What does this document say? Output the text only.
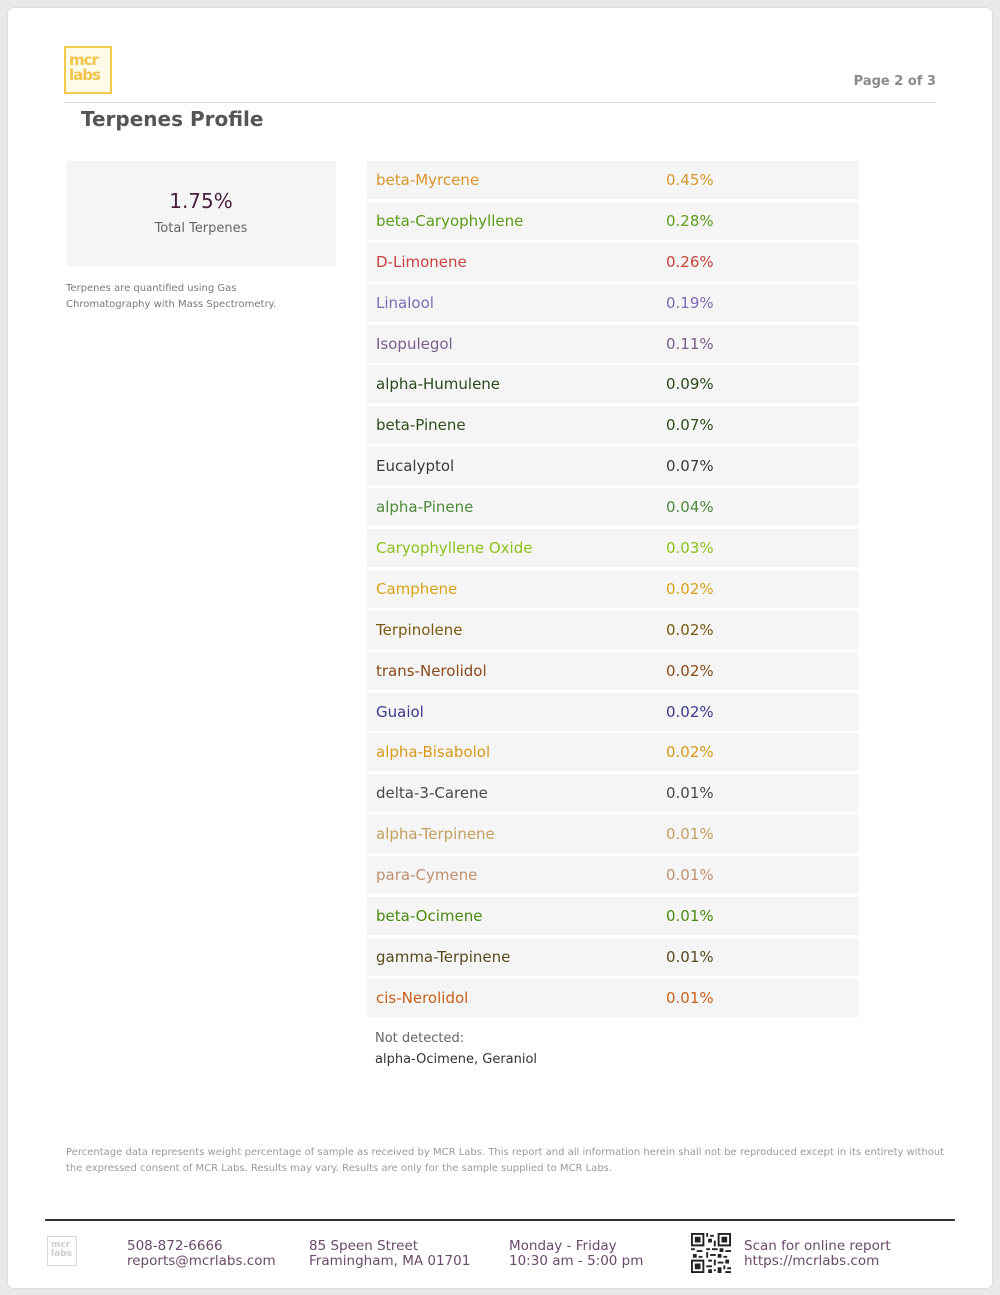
mcr
labs	Page 2 of 3
Terpenes Profile
1.75%
Total Terpenes
Terpenes are quantified using Gas Chromatography with Mass Spectrometry.
beta-Myrcene	0.45%
beta-Caryophyllene	0.28%
D-Limonene	0.26%
Linalool	0.19%
Isopulegol	0.11%
alpha-Humulene	0.09%
beta-Pinene	0.07%
Eucalyptol	0.07%
alpha-Pinene	0.04%
Caryophyllene Oxide	0.03%
Camphene	0.02%
Terpinolene	0.02%
trans-Nerolidol	0.02%
Guaiol	0.02%
alpha-Bisabolol	0.02%
delta-3-Carene	0.01%
alpha-Terpinene	0.01%
para-Cymene	0.01%
beta-Ocimene	0.01%
gamma-Terpinene	0.01%
cis-Nerolidol	0.01%
Not detected:
alpha-Ocimene, Geraniol
Percentage data represents weight percentage of sample as received by MCR Labs. This report and all information herein shall not be reproduced except in its entirety without the expressed consent of MCR Labs. Results may vary. Results are only for the sample supplied to MCR Labs.
mcr
labs	508-872-6666
reports@mcrlabs.com
85 Speen Street
Framingham, MA 01701
Monday - Friday
10:30 am - 5:00 pm
Scan for online report
https://mcrlabs.com
